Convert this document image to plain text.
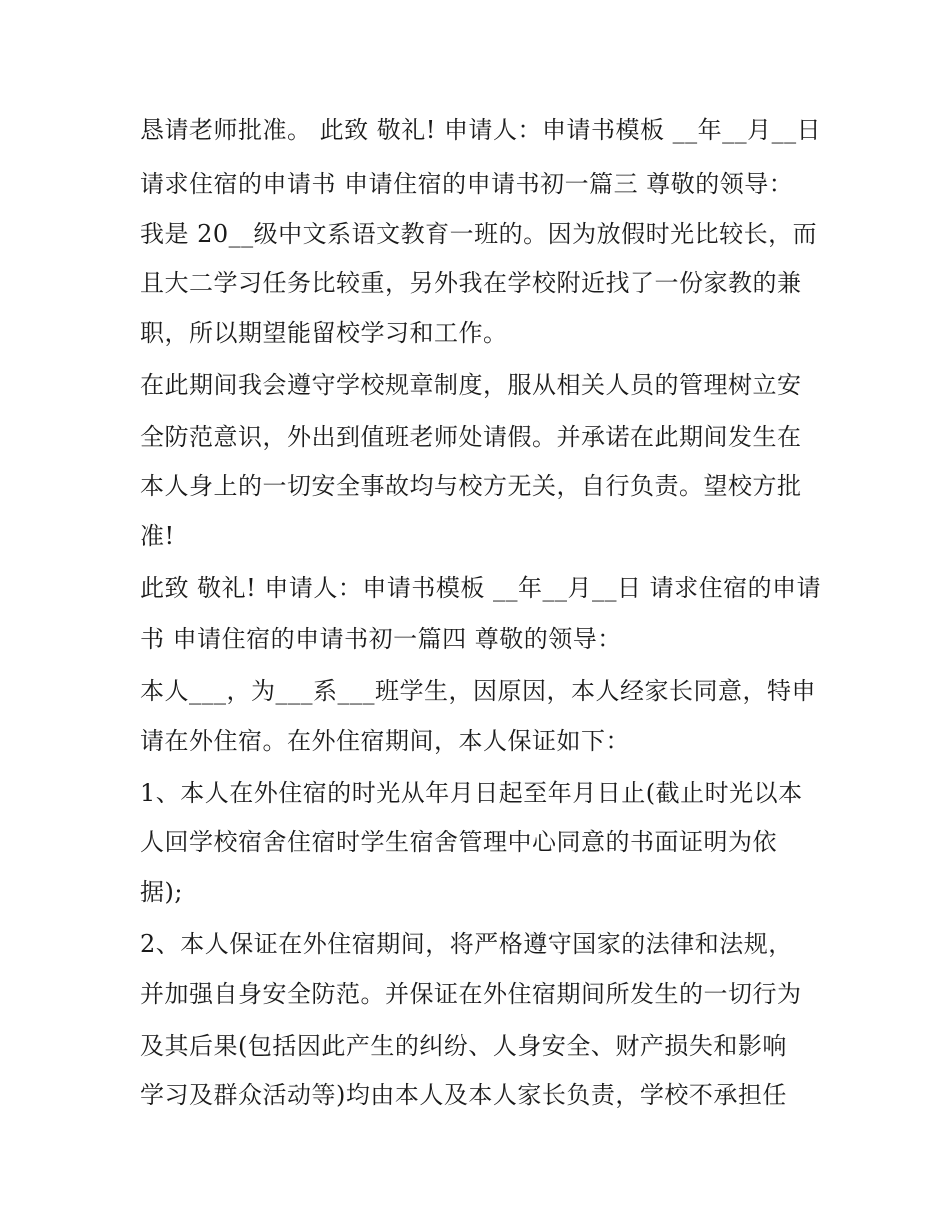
恳请老师批准。 此致 敬礼! 申请人：申请书模板 __年__月__日
请求住宿的申请书 申请住宿的申请书初一篇三 尊敬的领导：
我是 20__级中文系语文教育一班的。因为放假时光比较长，而
且大二学习任务比较重，另外我在学校附近找了一份家教的兼
职，所以期望能留校学习和工作。
在此期间我会遵守学校规章制度，服从相关人员的管理树立安
全防范意识，外出到值班老师处请假。并承诺在此期间发生在
本人身上的一切安全事故均与校方无关，自行负责。望校方批
准!
此致 敬礼! 申请人：申请书模板 __年__月__日 请求住宿的申请
书 申请住宿的申请书初一篇四 尊敬的领导：
本人___，为___系___班学生，因原因，本人经家长同意，特申
请在外住宿。在外住宿期间，本人保证如下：
1、本人在外住宿的时光从年月日起至年月日止(截止时光以本
人回学校宿舍住宿时学生宿舍管理中心同意的书面证明为依
据);
2、本人保证在外住宿期间，将严格遵守国家的法律和法规，
并加强自身安全防范。并保证在外住宿期间所发生的一切行为
及其后果(包括因此产生的纠纷、人身安全、财产损失和影响
学习及群众活动等)均由本人及本人家长负责，学校不承担任
